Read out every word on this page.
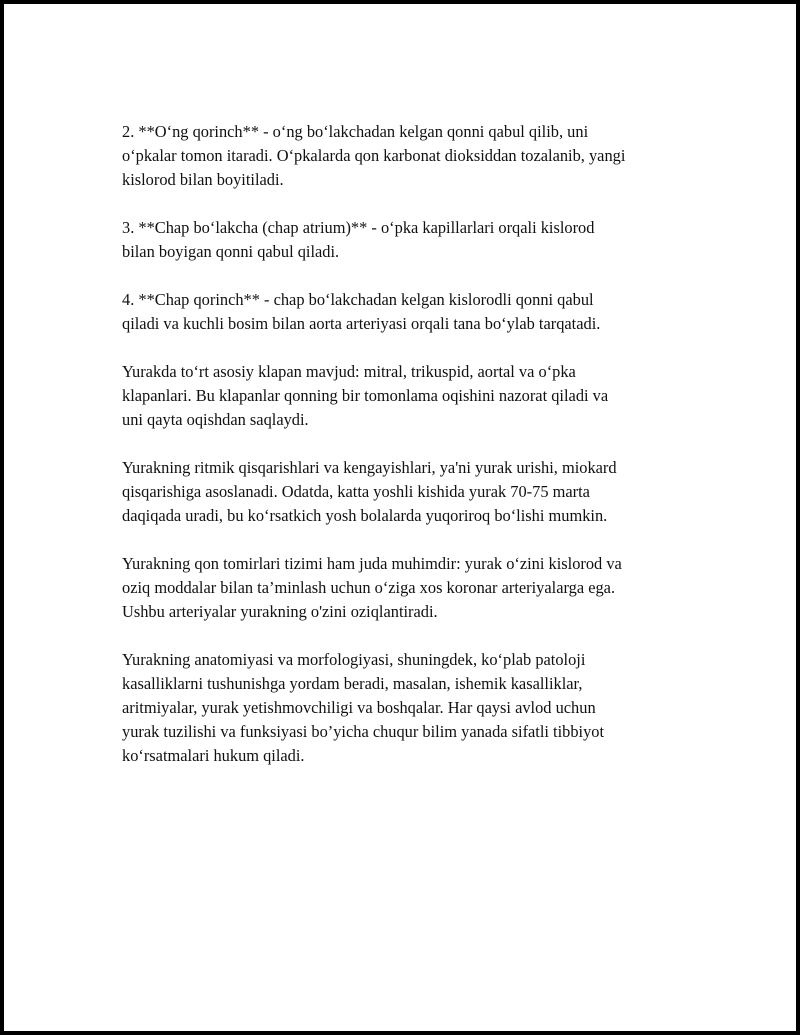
2. **O‘ng qorinch** - o‘ng bo‘lakchadan kelgan qonni qabul qilib, uni
o‘pkalar tomon itaradi. O‘pkalarda qon karbonat dioksiddan tozalanib, yangi
kislorod bilan boyitiladi.

3. **Chap bo‘lakcha (chap atrium)** - o‘pka kapillarlari orqali kislorod
bilan boyigan qonni qabul qiladi.

4. **Chap qorinch** - chap bo‘lakchadan kelgan kislorodli qonni qabul
qiladi va kuchli bosim bilan aorta arteriyasi orqali tana bo‘ylab tarqatadi.

Yurakda to‘rt asosiy klapan mavjud: mitral, trikuspid, aortal va o‘pka
klapanlari. Bu klapanlar qonning bir tomonlama oqishini nazorat qiladi va
uni qayta oqishdan saqlaydi.

Yurakning ritmik qisqarishlari va kengayishlari, ya'ni yurak urishi, miokard
qisqarishiga asoslanadi. Odatda, katta yoshli kishida yurak 70-75 marta
daqiqada uradi, bu ko‘rsatkich yosh bolalarda yuqoriroq bo‘lishi mumkin.

Yurakning qon tomirlari tizimi ham juda muhimdir: yurak o‘zini kislorod va
oziq moddalar bilan ta’minlash uchun o‘ziga xos koronar arteriyalarga ega.
Ushbu arteriyalar yurakning o'zini oziqlantiradi.

Yurakning anatomiyasi va morfologiyasi, shuningdek, ko‘plab patoloji
kasalliklarni tushunishga yordam beradi, masalan, ishemik kasalliklar,
aritmiyalar, yurak yetishmovchiligi va boshqalar. Har qaysi avlod uchun
yurak tuzilishi va funksiyasi bo’yicha chuqur bilim yanada sifatli tibbiyot
ko‘rsatmalari hukum qiladi.
